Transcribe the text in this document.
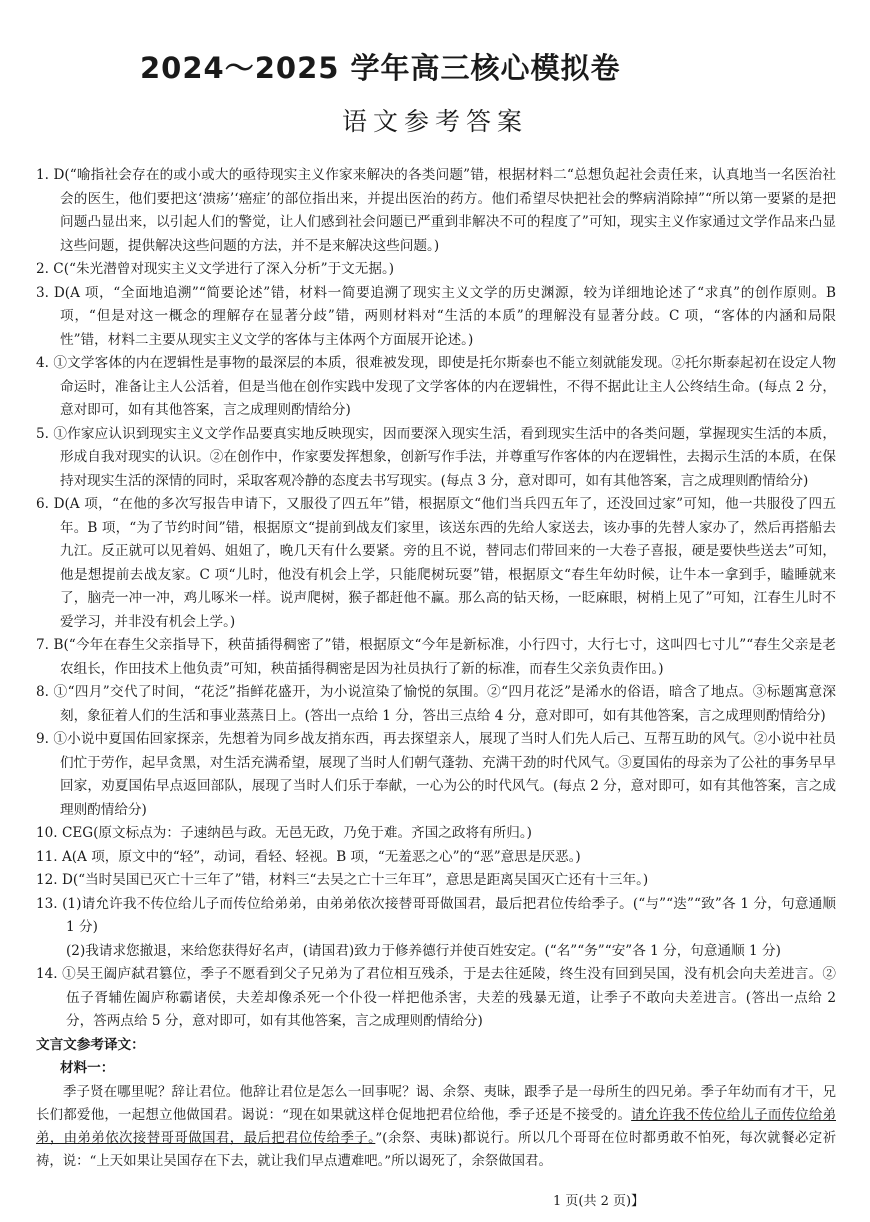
2024～2025 学年高三核心模拟卷
语文参考答案

1. D(“喻指社会存在的或小或大的亟待现实主义作家来解决的各类问题”错，根据材料二“总想负起社会责任来，认真地当一名医治社会的医生，他们要把这‘溃疡’‘癌症’的部位指出来，并提出医治的药方。他们希望尽快把社会的弊病消除掉”“所以第一要紧的是把问题凸显出来，以引起人们的警觉，让人们感到社会问题已严重到非解决不可的程度了”可知，现实主义作家通过文学作品来凸显这些问题，提供解决这些问题的方法，并不是来解决这些问题。)

2. C(“朱光潜曾对现实主义文学进行了深入分析”于文无据。)

3. D(A 项，“全面地追溯”“简要论述”错，材料一简要追溯了现实主义文学的历史渊源，较为详细地论述了“求真”的创作原则。B 项，“但是对这一概念的理解存在显著分歧”错，两则材料对“生活的本质”的理解没有显著分歧。C 项，“客体的内涵和局限性”错，材料二主要从现实主义文学的客体与主体两个方面展开论述。)

4. ①文学客体的内在逻辑性是事物的最深层的本质，很难被发现，即使是托尔斯泰也不能立刻就能发现。②托尔斯泰起初在设定人物命运时，准备让主人公活着，但是当他在创作实践中发现了文学客体的内在逻辑性，不得不据此让主人公终结生命。(每点 2 分，意对即可，如有其他答案，言之成理则酌情给分)

5. ①作家应认识到现实主义文学作品要真实地反映现实，因而要深入现实生活，看到现实生活中的各类问题，掌握现实生活的本质，形成自我对现实的认识。②在创作中，作家要发挥想象，创新写作手法，并尊重写作客体的内在逻辑性，去揭示生活的本质，在保持对现实生活的深情的同时，采取客观冷静的态度去书写现实。(每点 3 分，意对即可，如有其他答案，言之成理则酌情给分)

6. D(A 项，“在他的多次写报告申请下，又服役了四五年”错，根据原文“他们当兵四五年了，还没回过家”可知，他一共服役了四五年。B 项，“为了节约时间”错，根据原文“提前到战友们家里，该送东西的先给人家送去，该办事的先替人家办了，然后再搭船去九江。反正就可以见着妈、姐姐了，晚几天有什么要紧。旁的且不说，替同志们带回来的一大卷子喜报，硬是要快些送去”可知，他是想提前去战友家。C 项“儿时，他没有机会上学，只能爬树玩耍”错，根据原文“春生年幼时候，让牛本一拿到手，瞌睡就来了，脑壳一冲一冲，鸡儿啄米一样。说声爬树，猴子都赶他不赢。那么高的钻天杨，一眨麻眼，树梢上见了”可知，江春生儿时不爱学习，并非没有机会上学。)

7. B(“今年在春生父亲指导下，秧苗插得稠密了”错，根据原文“今年是新标准，小行四寸，大行七寸，这叫四七寸儿”“春生父亲是老农组长，作田技术上他负责”可知，秧苗插得稠密是因为社员执行了新的标准，而春生父亲负责作田。)

8. ①“四月”交代了时间，“花泛”指鲜花盛开，为小说渲染了愉悦的氛围。②“四月花泛”是浠水的俗语，暗含了地点。③标题寓意深刻，象征着人们的生活和事业蒸蒸日上。(答出一点给 1 分，答出三点给 4 分，意对即可，如有其他答案，言之成理则酌情给分)

9. ①小说中夏国佑回家探亲，先想着为同乡战友捎东西，再去探望亲人，展现了当时人们先人后己、互帮互助的风气。②小说中社员们忙于劳作，起早贪黑，对生活充满希望，展现了当时人们朝气蓬勃、充满干劲的时代风气。③夏国佑的母亲为了公社的事务早早回家，劝夏国佑早点返回部队，展现了当时人们乐于奉献，一心为公的时代风气。(每点 2 分，意对即可，如有其他答案，言之成理则酌情给分)

10. CEG(原文标点为：子速纳邑与政。无邑无政，乃免于难。齐国之政将有所归。)

11. A(A 项，原文中的“轻”，动词，看轻、轻视。B 项，“无羞恶之心”的“恶”意思是厌恶。)

12. D(“当时吴国已灭亡十三年了”错，材料三“去吴之亡十三年耳”，意思是距离吴国灭亡还有十三年。)

13. (1)请允许我不传位给儿子而传位给弟弟，由弟弟依次接替哥哥做国君，最后把君位传给季子。(“与”“迭”“致”各 1 分，句意通顺 1 分)

(2)我请求您撤退，来给您获得好名声，(请国君)致力于修养德行并使百姓安定。(“名”“务”“安”各 1 分，句意通顺 1 分)

14. ①吴王阖庐弑君篡位，季子不愿看到父子兄弟为了君位相互残杀，于是去往延陵，终生没有回到吴国，没有机会向夫差进言。②伍子胥辅佐阖庐称霸诸侯，夫差却像杀死一个仆役一样把他杀害，夫差的残暴无道，让季子不敢向夫差进言。(答出一点给 2 分，答两点给 5 分，意对即可，如有其他答案，言之成理则酌情给分)

文言文参考译文：

材料一：

季子贤在哪里呢？辞让君位。他辞让君位是怎么一回事呢？谒、余祭、夷昧，跟季子是一母所生的四兄弟。季子年幼而有才干，兄长们都爱他，一起想立他做国君。谒说：“现在如果就这样仓促地把君位给他，季子还是不接受的。请允许我不传位给儿子而传位给弟弟，由弟弟依次接替哥哥做国君，最后把君位传给季子。”(余祭、夷昧)都说行。所以几个哥哥在位时都勇敢不怕死，每次就餐必定祈祷，说：“上天如果让吴国存在下去，就让我们早点遭难吧。”所以谒死了，余祭做国君。

1 页(共 2 页)】
